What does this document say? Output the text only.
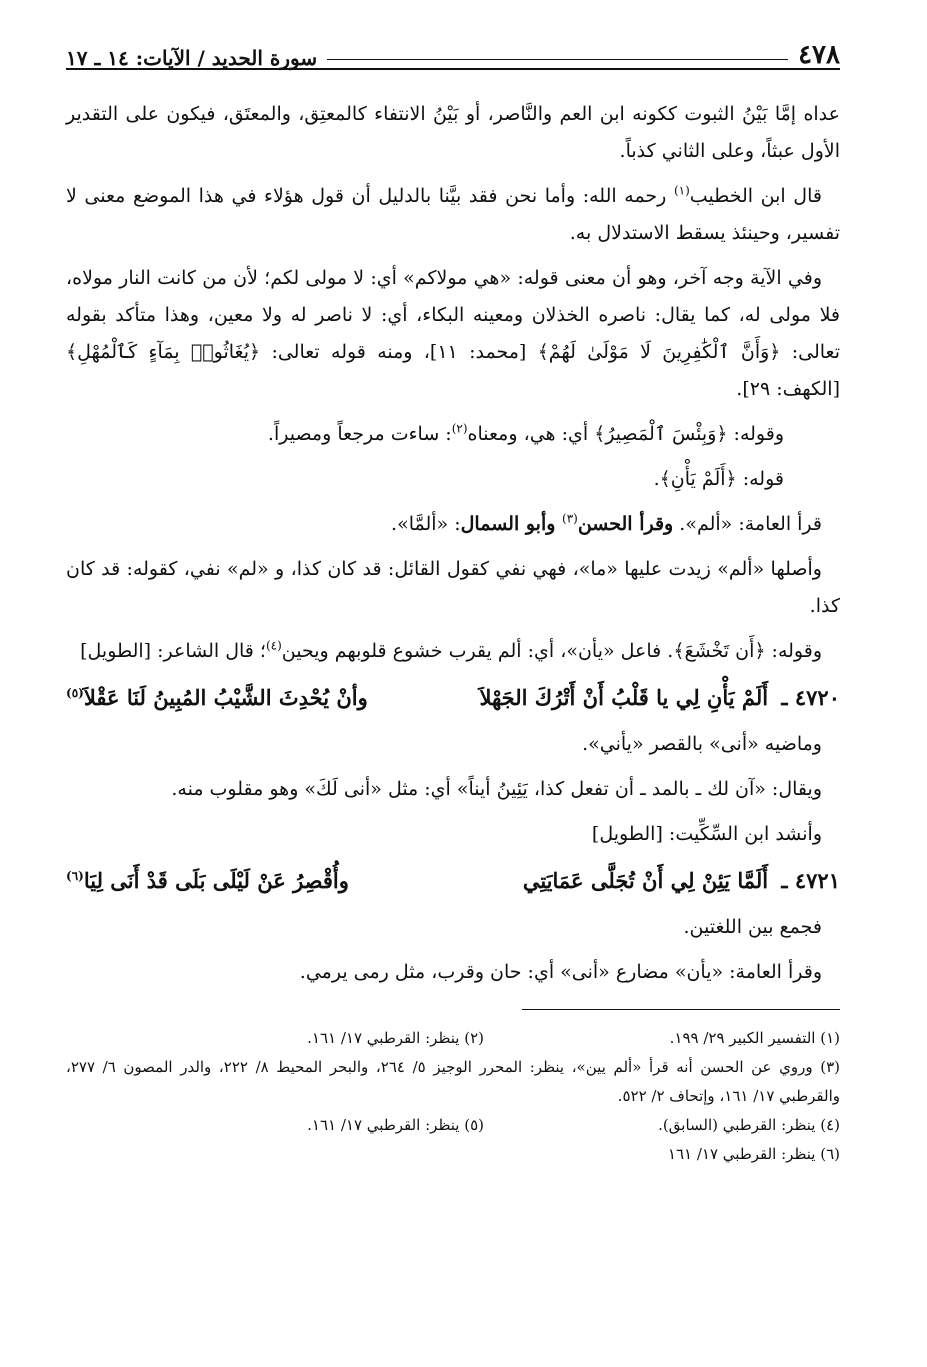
٤٧٨
سورة الحديد / الآيات: ١٤ ـ ١٧

عداه إمَّا بَيْنُ الثبوت ككونه ابن العم والنَّاصر، أو بَيْنُ الانتفاء كالمعتِق، والمعتَق، فيكون على التقدير الأول عبثاً، وعلى الثاني كذباً.

قال ابن الخطيب$^{(١)}$ رحمه الله: وأما نحن فقد بيَّنا بالدليل أن قول هؤلاء في هذا الموضع معنى لا تفسير، وحينئذ يسقط الاستدلال به.

وفي الآية وجه آخر، وهو أن معنى قوله: «هي مولاكم» أي: لا مولى لكم؛ لأن من كانت النار مولاه، فلا مولى له، كما يقال: ناصره الخذلان ومعينه البكاء، أي: لا ناصر له ولا معين، وهذا متأكد بقوله تعالى: ﴿وَأَنَّ ٱلْكَٰفِرِينَ لَا مَوْلَىٰ لَهُمْ﴾ [محمد: ١١]، ومنه قوله تعالى: ﴿يُغَاثُوا۟ بِمَآءٍ كَٱلْمُهْلِ﴾ [الكهف: ٢٩].

وقوله: ﴿وَبِئْسَ ٱلْمَصِيرُ﴾ أي: هي، ومعناه$^{(٢)}$: ساءت مرجعاً ومصيراً.

قوله: ﴿أَلَمْ يَأْنِ﴾.

قرأ العامة: «ألم». وقرأ الحسن$^{(٣)}$ وأبو السمال: «ألمَّا».

وأصلها «ألم» زيدت عليها «ما»، فهي نفي كقول القائل: قد كان كذا، و «لم» نفي، كقوله: قد كان كذا.

وقوله: ﴿أَن تَخْشَعَ﴾. فاعل «يأن»، أي: ألم يقرب خشوع قلوبهم ويحين$^{(٤)}$؛ قال الشاعر: [الطويل]

٤٧٢٠ ـ أَلَمْ يَأْنِ لِي يا قَلْبُ أَنْ أَتْرُكَ الجَهْلاَ
وأنْ يُحْدِثَ الشَّيْبُ المُبِينُ لَنَا عَقْلاَ$^{(٥)}$

وماضيه «أنى» بالقصر «يأني».

ويقال: «آن لك ـ بالمد ـ أن تفعل كذا، يَئِينُ أيناً» أي: مثل «أنى لَكَ» وهو مقلوب منه.

وأنشد ابن السِّكِّيت: [الطويل]

٤٧٢١ ـ أَلَمَّا يَئِنْ لِي أَنْ تُجَلَّى عَمَايَتِي
وأُقْصِرُ عَنْ لَيْلَى بَلَى قَدْ أَنَى لِيَا$^{(٦)}$

فجمع بين اللغتين.

وقرأ العامة: «يأن» مضارع «أنى» أي: حان وقرب، مثل رمى يرمي.

(١) التفسير الكبير ٢٩/ ١٩٩.
(٢) ينظر: القرطبي ١٧/ ١٦١.

(٣) وروي عن الحسن أنه قرأ «ألم يين»، ينظر: المحرر الوجيز ٥/ ٢٦٤، والبحر المحيط ٨/ ٢٢٢، والدر المصون ٦/ ٢٧٧، والقرطبي ١٧/ ١٦١، وإتحاف ٢/ ٥٢٢.

(٤) ينظر: القرطبي (السابق).
(٥) ينظر: القرطبي ١٧/ ١٦١.
(٦) ينظر: القرطبي ١٧/ ١٦١
